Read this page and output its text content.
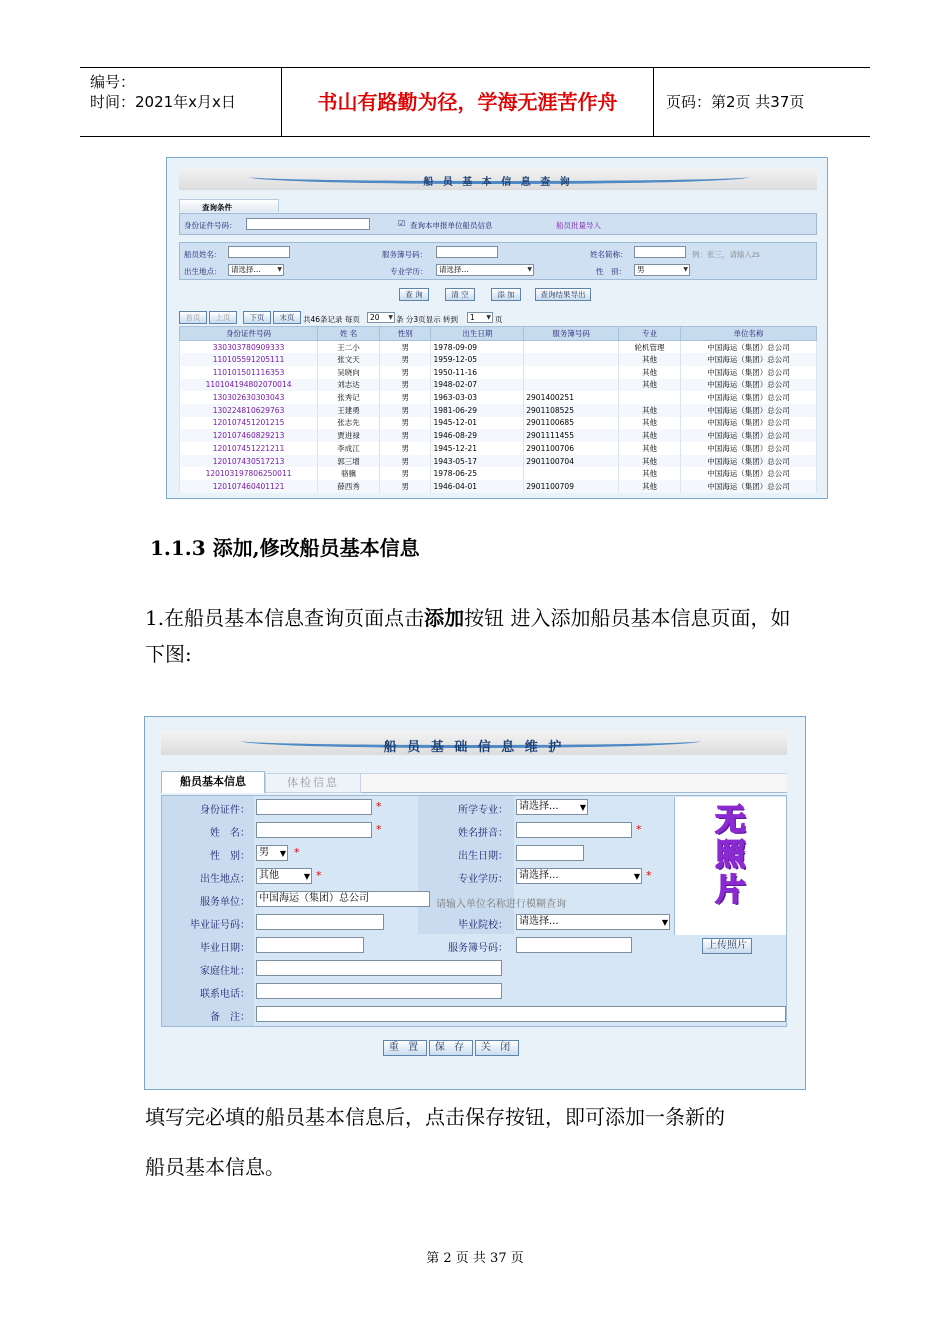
编号：
时间：2021年x月x日	书山有路勤为径，学海无涯苦作舟	页码：第2页 共37页
船 员 基 本 信 息 查 询
查询条件
身份证件号码：	☑ 查询本申报单位船员信息	船员批量导入
船员姓名：	服务簿号码：	姓名简称：	例：张三，请输入zs
出生地点：	请选择... ▼	专业学历：	请选择... ▼	性　别：	男 ▼
查 询	清 空	添 加	查询结果导出
首页	上页	下页	末页	共46条记录 每页	20 ▼	条 分3页显示 转到	1 ▼	页
身份证件号码	姓 名	性别	出生日期	服务簿号码	专业	单位名称
330303780909333	王二小	男	1978-09-09		轮机管理	中国海运（集团）总公司
110105591205111	张文天	男	1959-12-05		其他	中国海运（集团）总公司
110101501116353	吴晓向	男	1950-11-16		其他	中国海运（集团）总公司
110104194802070014	刘志达	男	1948-02-07		其他	中国海运（集团）总公司
130302630303043	张秀记	男	1963-03-03	2901400251		中国海运（集团）总公司
130224810629763	王建勇	男	1981-06-29	2901108525	其他	中国海运（集团）总公司
120107451201215	张志先	男	1945-12-01	2901100685	其他	中国海运（集团）总公司
120107460829213	贾进禄	男	1946-08-29	2901111455	其他	中国海运（集团）总公司
120107451221211	李成江	男	1945-12-21	2901100706	其他	中国海运（集团）总公司
120107430517213	郭三增	男	1943-05-17	2901100704	其他	中国海运（集团）总公司
120103197806250011	骆骥	男	1978-06-25		其他	中国海运（集团）总公司
120107460401121	薛西秀	男	1946-04-01	2901100709	其他	中国海运（集团）总公司
1.1.3 添加,修改船员基本信息
1.在船员基本信息查询页面点击添加按钮 进入添加船员基本信息页面，如下图:
船 员 基 础 信 息 维 护
船员基本信息	体检信息
身份证件：	*	所学专业：	请选择... ▼
姓　名：	*	姓名拼音：	*
性　别： 男 ▼	*	出生日期：
出生地点： 其他 ▼	*	专业学历：	请选择... ▼	*
服务单位： 中国海运（集团）总公司
请输入单位名称进行模糊查询
毕业证号码：	毕业院校：	请选择... ▼
毕业日期：	服务簿号码：
家庭住址：
联系电话：
备　注：
无
照
片
上传照片
重 置	保 存	关 闭
填写完必填的船员基本信息后，点击保存按钮，即可添加一条新的
船员基本信息。
第 2 页 共 37 页
